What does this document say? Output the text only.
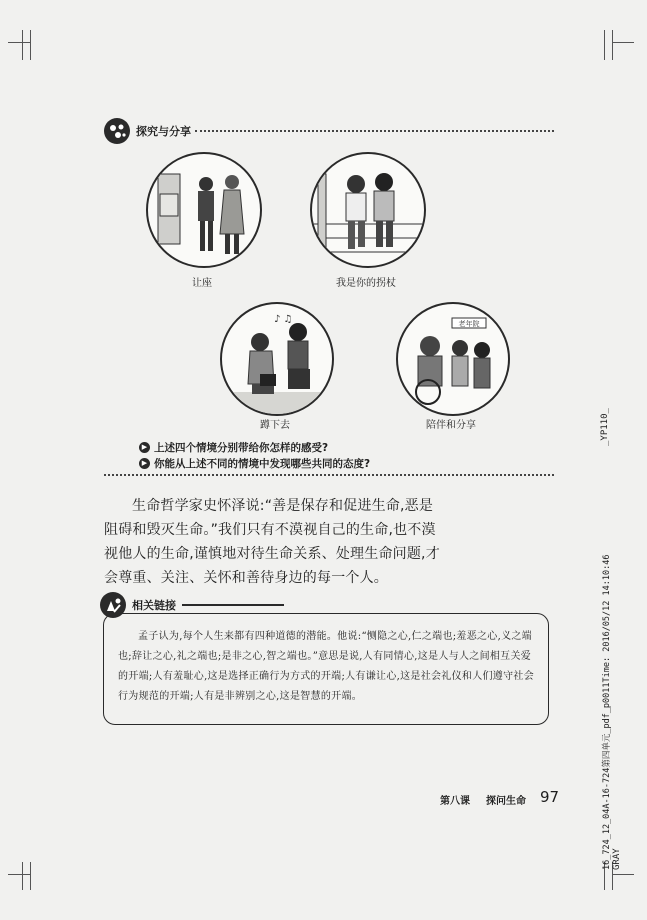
探究与分享
让座	我是你的拐杖
♪ ♫
蹲下去
老年院
陪伴和分享
▶ 上述四个情境分别带给你怎样的感受?
▶ 你能从上述不同的情境中发现哪些共同的态度?
生命哲学家史怀泽说:“善是保存和促进生命,恶是阻碍和毁灭生命。”我们只有不漠视自己的生命,也不漠视他人的生命,谨慎地对待生命关系、处理生命问题,才会尊重、关注、关怀和善待身边的每一个人。
相关链接
孟子认为,每个人生来都有四种道德的潜能。他说:“恻隐之心,仁之端也;羞恶之心,义之端也;辞让之心,礼之端也;是非之心,智之端也。”意思是说,人有同情心,这是人与人之间相互关爱的开端;人有羞耻心,这是选择正确行为方式的开端;人有谦让心,这是社会礼仪和人们遵守社会行为规范的开端;人有是非辨别之心,这是智慧的开端。
第八课 探问生命 97
_YP110_
16_724_12_04A-16-724第四单元_pdf_p0011Time: 2016/05/12 14:10:46 GRAY
